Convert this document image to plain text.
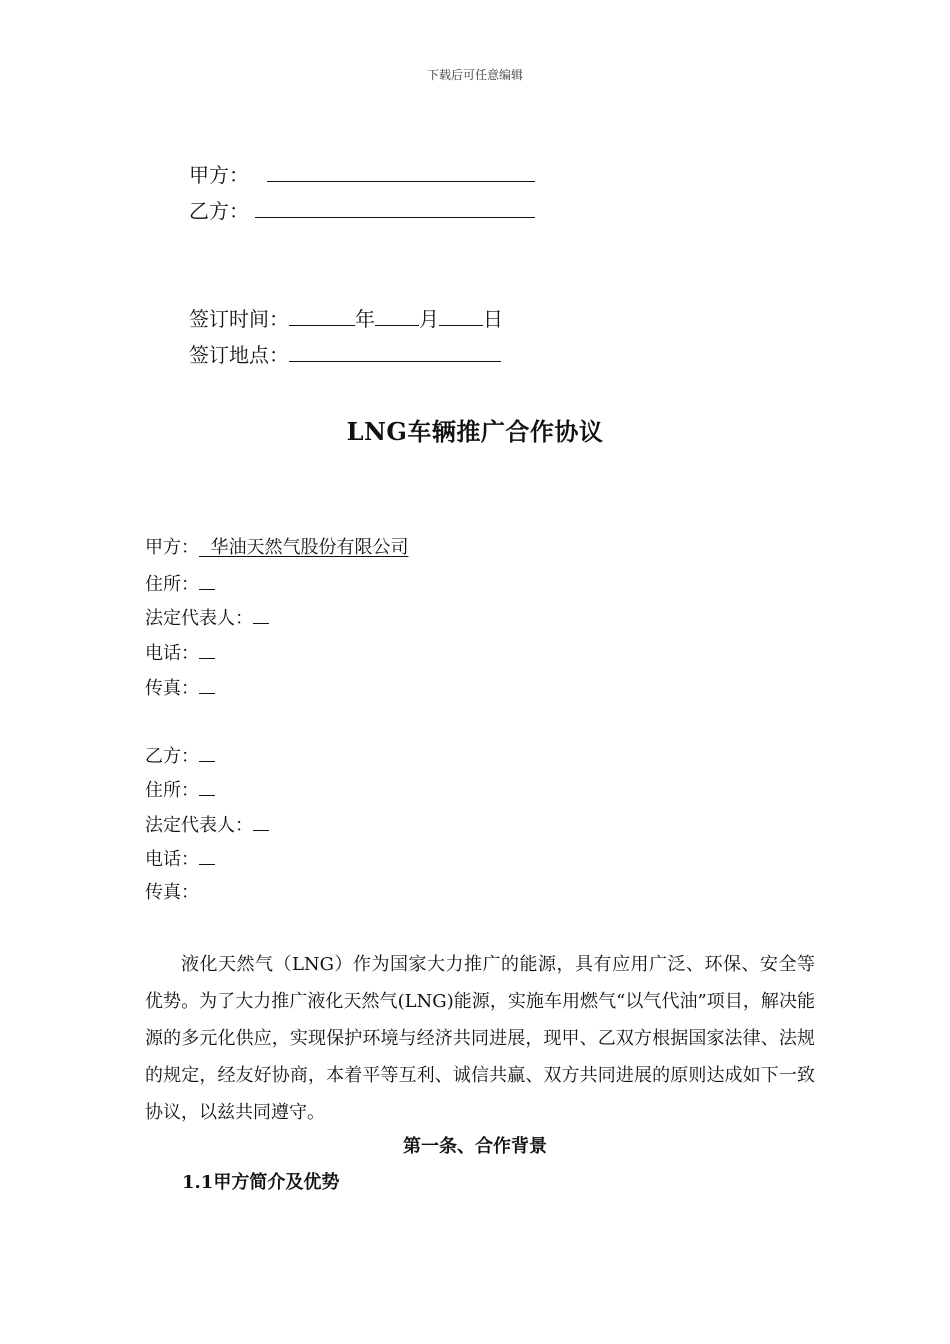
下载后可任意编辑
甲方：
乙方：
签订时间：	年 月 日
签订地点：
LNG车辆推广合作协议
甲方： 华油天然气股份有限公司
住所：
法定代表人：
电话：
传真：
乙方：
住所：
法定代表人：
电话：
传真：
液化天然气（LNG）作为国家大力推广的能源，具有应用广泛、环保、安全等优势。为了大力推广液化天然气(LNG)能源，实施车用燃气“以气代油”项目，解决能源的多元化供应，实现保护环境与经济共同进展，现甲、乙双方根据国家法律、法规的规定，经友好协商，本着平等互利、诚信共赢、双方共同进展的原则达成如下一致协议，以兹共同遵守。
第一条、合作背景
1.1甲方简介及优势
